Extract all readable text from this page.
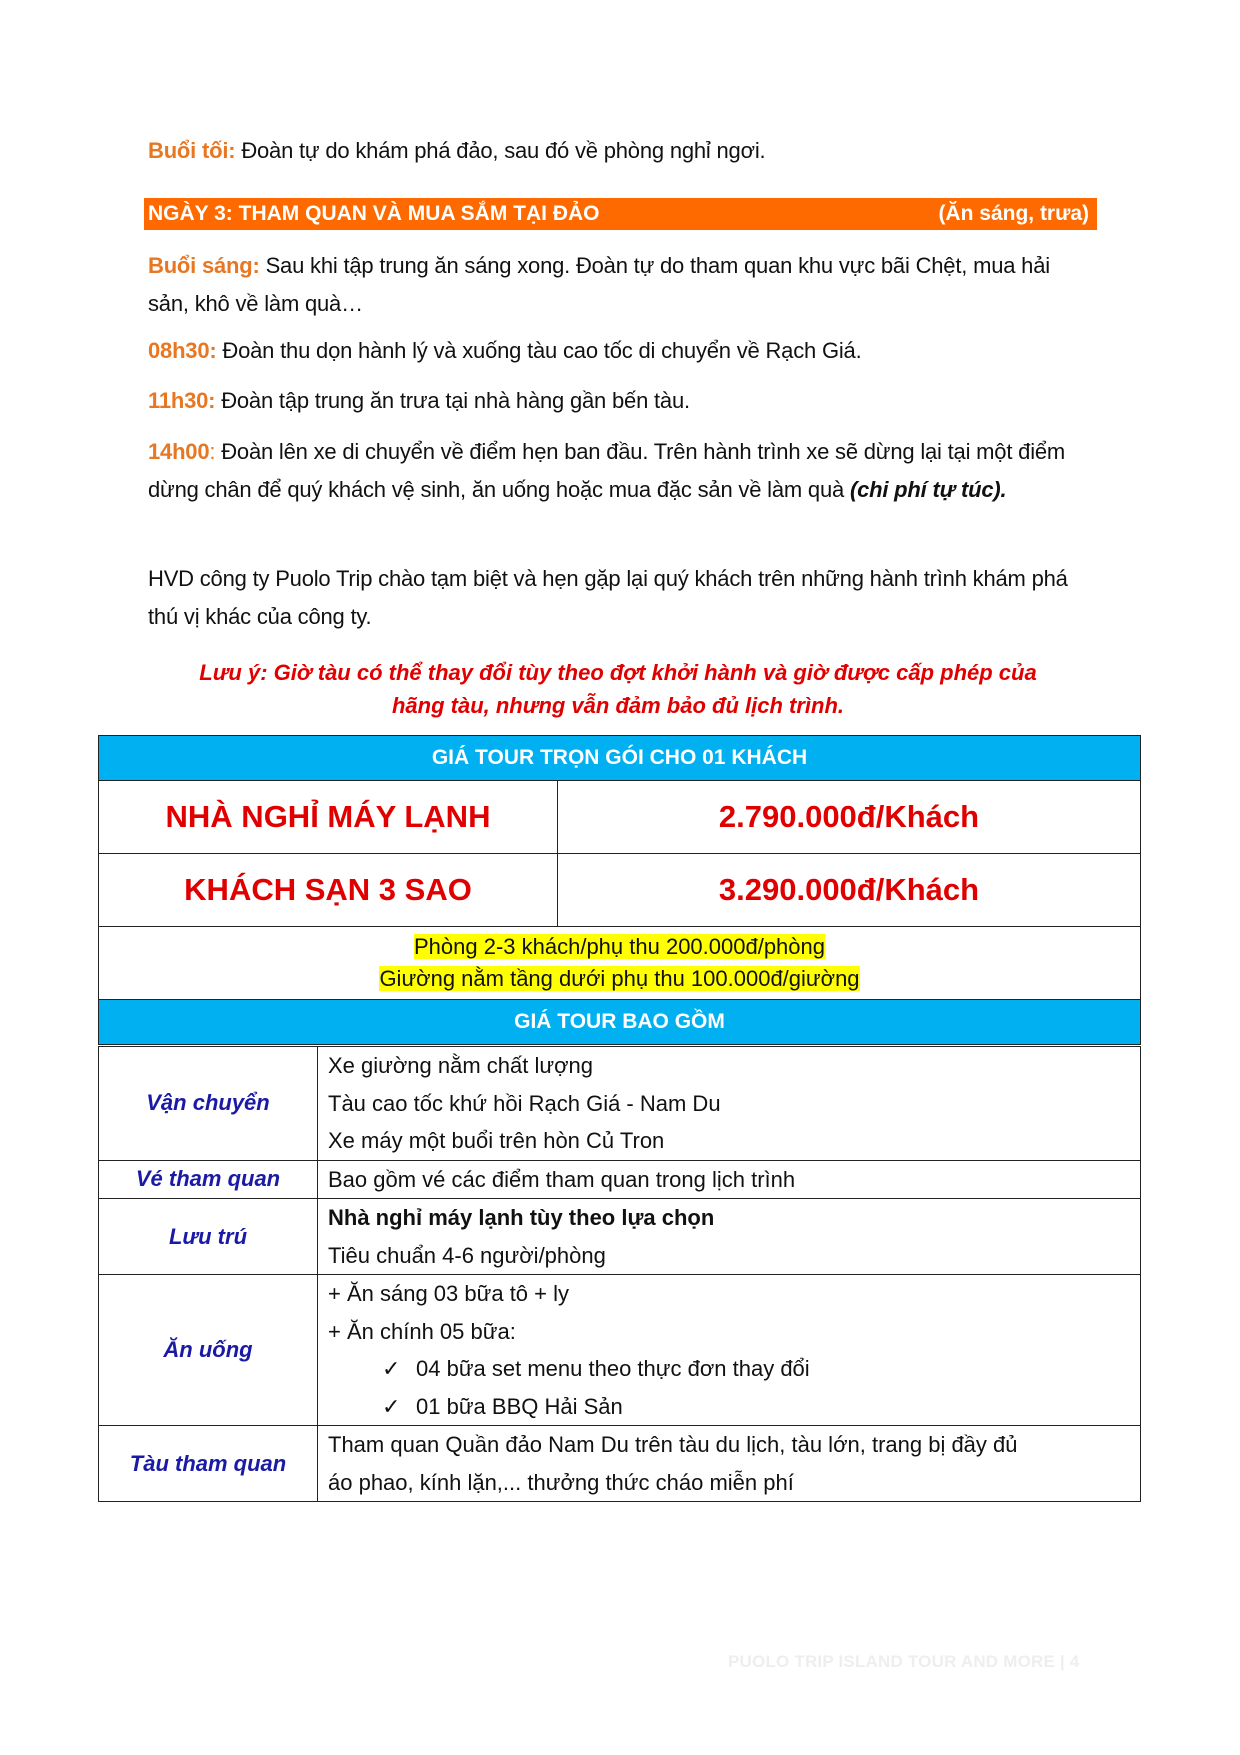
Buổi tối: Đoàn tự do khám phá đảo, sau đó về phòng nghỉ ngơi.

NGÀY 3: THAM QUAN VÀ MUA SẮM TẠI ĐẢO	(Ăn sáng, trưa)

Buổi sáng: Sau khi tập trung ăn sáng xong. Đoàn tự do tham quan khu vực bãi Chệt, mua hải sản, khô về làm quà…

08h30: Đoàn thu dọn hành lý và xuống tàu cao tốc di chuyển về Rạch Giá.

11h30: Đoàn tập trung ăn trưa tại nhà hàng gần bến tàu.

14h00: Đoàn lên xe di chuyển về điểm hẹn ban đầu. Trên hành trình xe sẽ dừng lại tại một điểm dừng chân để quý khách vệ sinh, ăn uống hoặc mua đặc sản về làm quà (chi phí tự túc).

HVD công ty Puolo Trip chào tạm biệt và hẹn gặp lại quý khách trên những hành trình khám phá thú vị khác của công ty.

Lưu ý: Giờ tàu có thể thay đổi tùy theo đợt khởi hành và giờ được cấp phép của
hãng tàu, nhưng vẫn đảm bảo đủ lịch trình.
GIÁ TOUR TRỌN GÓI CHO 01 KHÁCH	
NHÀ NGHỈ MÁY LẠNH	2.790.000đ/Khách
KHÁCH SẠN 3 SAO	3.290.000đ/Khách

Phòng 2-3 khách/phụ thu 200.000đ/phòng
Giường nằm tầng dưới phụ thu 100.000đ/giường	

GIÁ TOUR BAO GỒM	
Vận chuyển	Xe giường nằm chất lượng
Tàu cao tốc khứ hồi Rạch Giá - Nam Du
Xe máy một buổi trên hòn Củ Tron

Vé tham quan	Bao gồm vé các điểm tham quan trong lịch trình

Lưu trú	Nhà nghỉ máy lạnh tùy theo lựa chọn
Tiêu chuẩn 4-6 người/phòng

Ăn uống	+ Ăn sáng 03 bữa tô + ly
+ Ăn chính 05 bữa:
✓ 04 bữa set menu theo thực đơn thay đổi
✓ 01 bữa BBQ Hải Sản

Tàu tham quan	Tham quan Quần đảo Nam Du trên tàu du lịch, tàu lớn, trang bị đầy đủ
áo phao, kính lặn,... thưởng thức cháo miễn phí
PUOLO TRIP ISLAND TOUR AND MORE | 4
